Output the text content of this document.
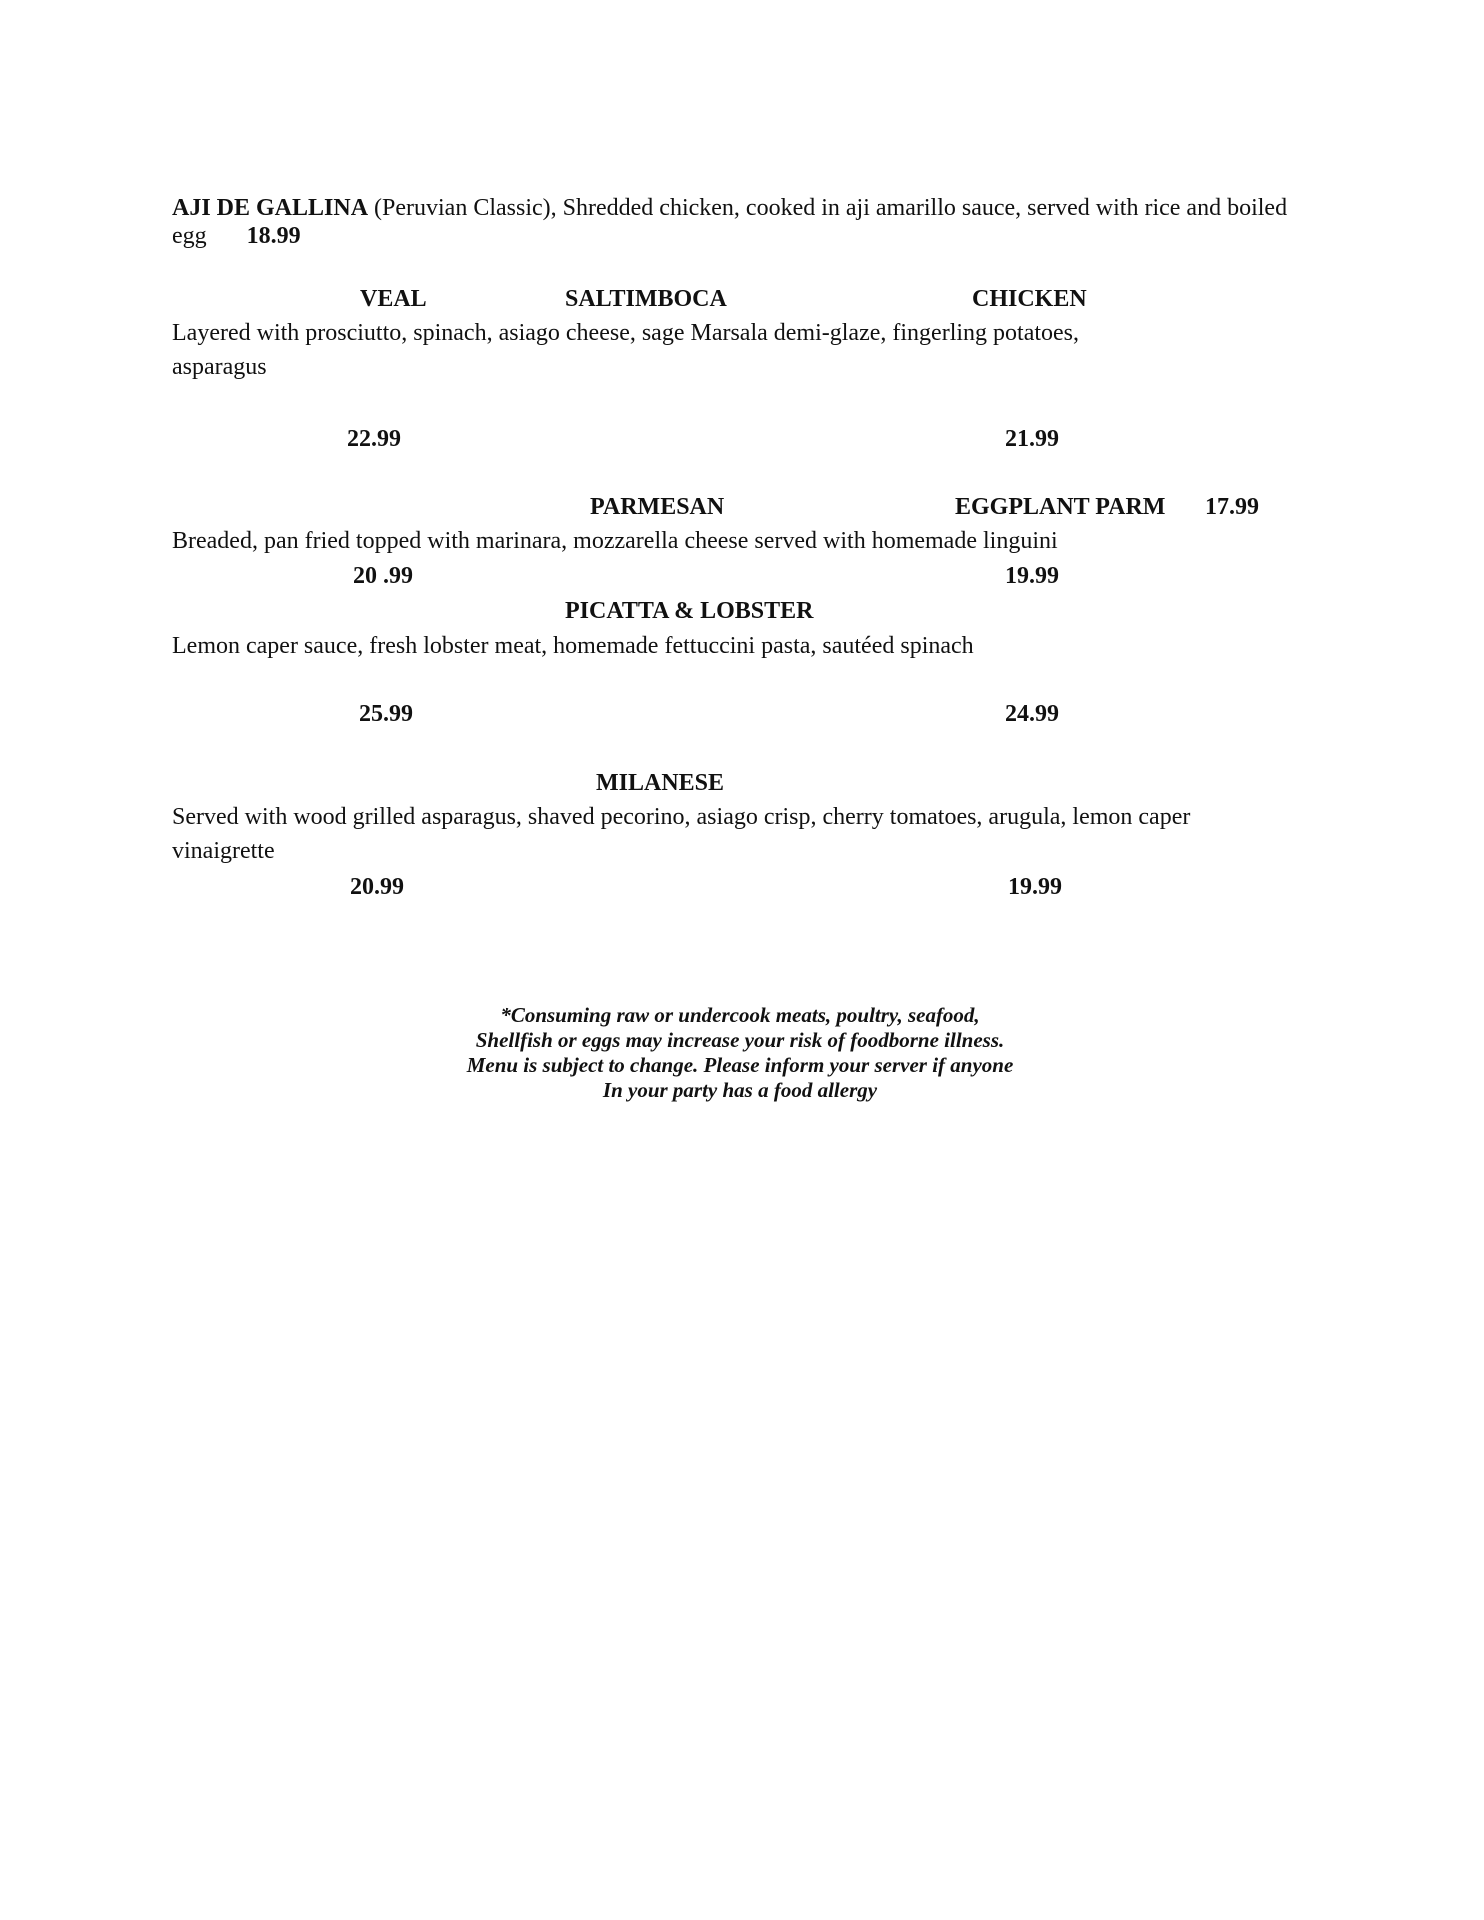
AJI DE GALLINA (Peruvian Classic), Shredded chicken, cooked in aji amarillo sauce, served with rice and boiled egg 18.99
VEAL	SALTIMBOCA	CHICKEN
Layered with prosciutto, spinach, asiago cheese, sage Marsala demi-glaze, fingerling potatoes, asparagus
22.99	21.99
PARMESAN	EGGPLANT PARM 17.99
Breaded, pan fried topped with marinara, mozzarella cheese served with homemade linguini
20 .99	19.99
PICATTA & LOBSTER
Lemon caper sauce, fresh lobster meat, homemade fettuccini pasta, sautéed spinach
25.99	24.99
MILANESE
Served with wood grilled asparagus, shaved pecorino, asiago crisp, cherry tomatoes, arugula, lemon caper vinaigrette
20.99	19.99
*Consuming raw or undercook meats, poultry, seafood,
Shellfish or eggs may increase your risk of foodborne illness.
Menu is subject to change. Please inform your server if anyone
In your party has a food allergy
